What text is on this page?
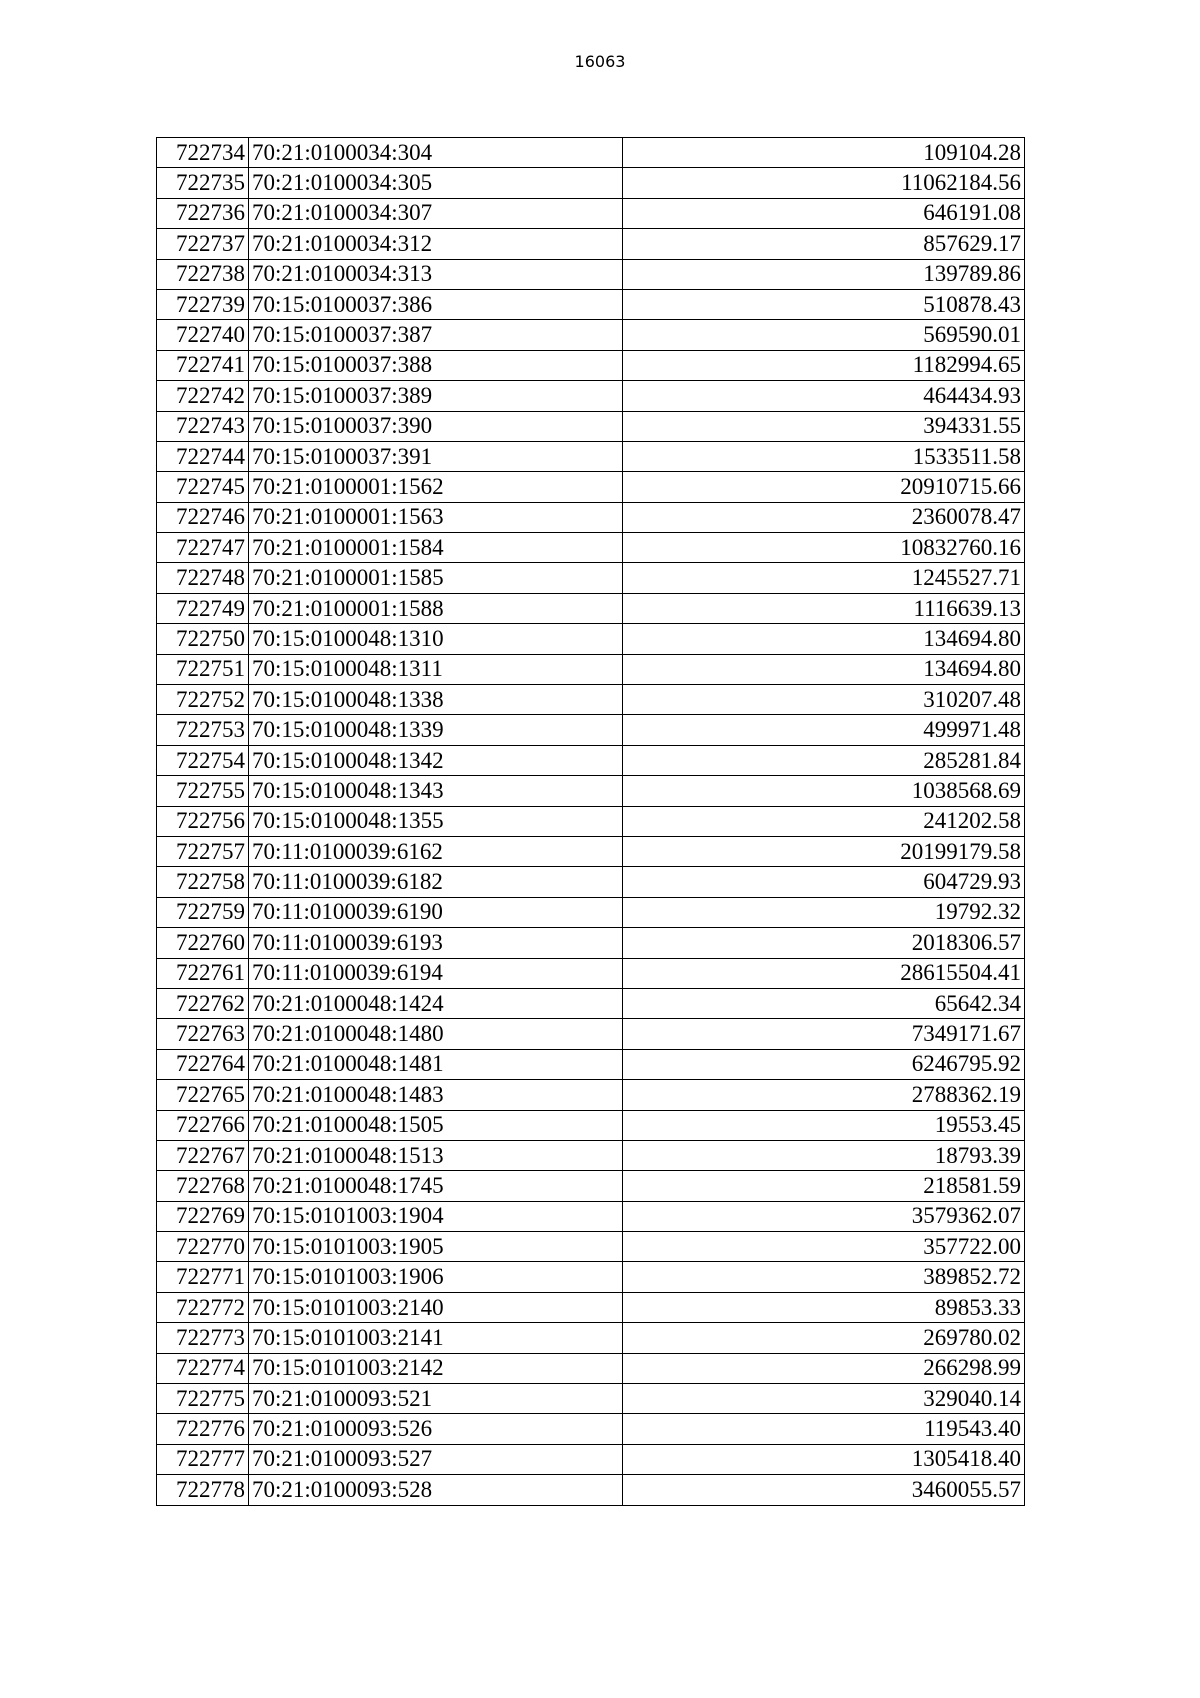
16063
722734	70:21:0100034:304	109104.28
722735	70:21:0100034:305	11062184.56
722736	70:21:0100034:307	646191.08
722737	70:21:0100034:312	857629.17
722738	70:21:0100034:313	139789.86
722739	70:15:0100037:386	510878.43
722740	70:15:0100037:387	569590.01
722741	70:15:0100037:388	1182994.65
722742	70:15:0100037:389	464434.93
722743	70:15:0100037:390	394331.55
722744	70:15:0100037:391	1533511.58
722745	70:21:0100001:1562	20910715.66
722746	70:21:0100001:1563	2360078.47
722747	70:21:0100001:1584	10832760.16
722748	70:21:0100001:1585	1245527.71
722749	70:21:0100001:1588	1116639.13
722750	70:15:0100048:1310	134694.80
722751	70:15:0100048:1311	134694.80
722752	70:15:0100048:1338	310207.48
722753	70:15:0100048:1339	499971.48
722754	70:15:0100048:1342	285281.84
722755	70:15:0100048:1343	1038568.69
722756	70:15:0100048:1355	241202.58
722757	70:11:0100039:6162	20199179.58
722758	70:11:0100039:6182	604729.93
722759	70:11:0100039:6190	19792.32
722760	70:11:0100039:6193	2018306.57
722761	70:11:0100039:6194	28615504.41
722762	70:21:0100048:1424	65642.34
722763	70:21:0100048:1480	7349171.67
722764	70:21:0100048:1481	6246795.92
722765	70:21:0100048:1483	2788362.19
722766	70:21:0100048:1505	19553.45
722767	70:21:0100048:1513	18793.39
722768	70:21:0100048:1745	218581.59
722769	70:15:0101003:1904	3579362.07
722770	70:15:0101003:1905	357722.00
722771	70:15:0101003:1906	389852.72
722772	70:15:0101003:2140	89853.33
722773	70:15:0101003:2141	269780.02
722774	70:15:0101003:2142	266298.99
722775	70:21:0100093:521	329040.14
722776	70:21:0100093:526	119543.40
722777	70:21:0100093:527	1305418.40
722778	70:21:0100093:528	3460055.57
